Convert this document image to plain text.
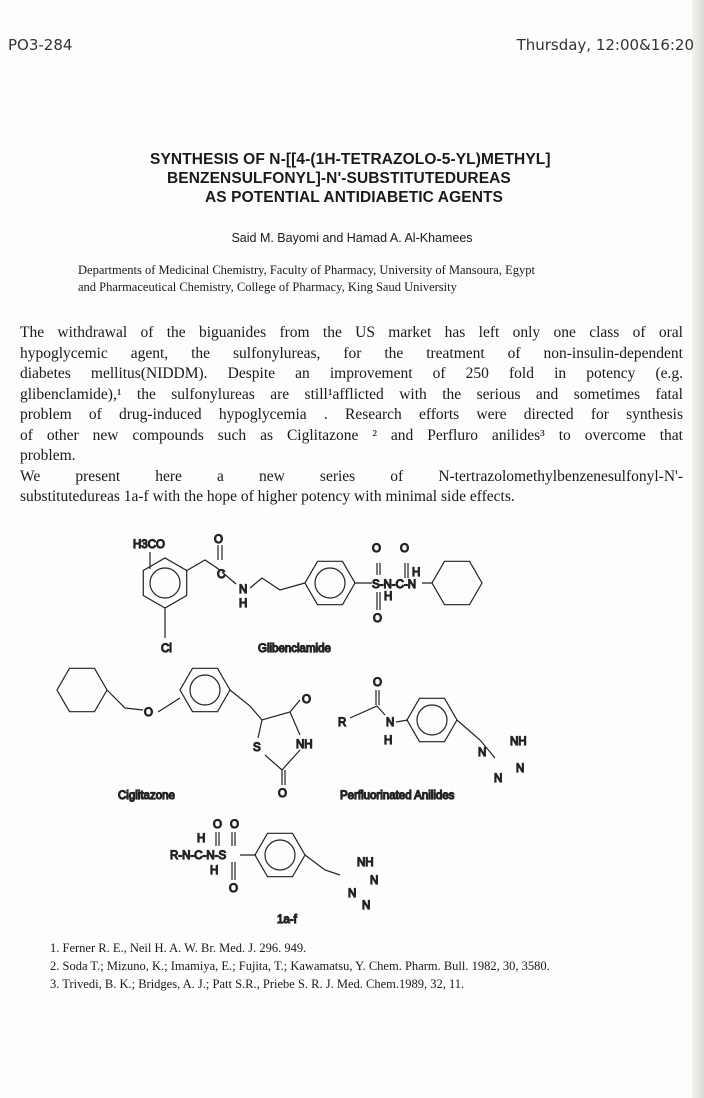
PO3-284	Thursday, 12:00&16:20
SYNTHESIS OF N-[[4-(1H-TETRAZOLO-5-YL)METHYL]
BENZENSULFONYL]-N'-SUBSTITUTEDUREAS
AS POTENTIAL ANTIDIABETIC AGENTS
Said M. Bayomi and Hamad A. Al-Khamees
Departments of Medicinal Chemistry, Faculty of Pharmacy, University of Mansoura, Egypt
and Pharmaceutical Chemistry, College of Pharmacy, King Saud University
The withdrawal of the biguanides from the US market has left only one class of oral
hypoglycemic agent, the sulfonylureas, for the treatment of non-insulin-dependent
diabetes mellitus(NIDDM). Despite an improvement of 250 fold in potency (e.g.
glibenclamide),¹ the sulfonylureas are still¹afflicted with the serious and sometimes fatal
problem of drug-induced hypoglycemia . Research efforts were directed for synthesis
of other new compounds such as Ciglitazone ² and Perfluro anilides³ to overcome that
problem.
We present here a new series of N-tertrazolomethylbenzenesulfonyl-N'-
substitutedureas 1a-f with the hope of higher potency with minimal side effects.
H3CO	O
C
N
H
O O
S-N-C-N
H
H
O
Cl	Glibenclamide
O
O
NH
S
O
Ciglitazone
O
R	N
H	NH
N
N
N
Perfluorinated Anilides
O O
H
R-N-C-N-S
H
O
NH
N
N
N
1a-f
1. Ferner R. E., Neil H. A. W. Br. Med. J. 296. 949.
2. Soda T.; Mizuno, K.; Imamiya, E.; Fujita, T.; Kawamatsu, Y. Chem. Pharm. Bull. 1982, 30, 3580.
3. Trivedi, B. K.; Bridges, A. J.; Patt S.R., Priebe S. R. J. Med. Chem.1989, 32, 11.
